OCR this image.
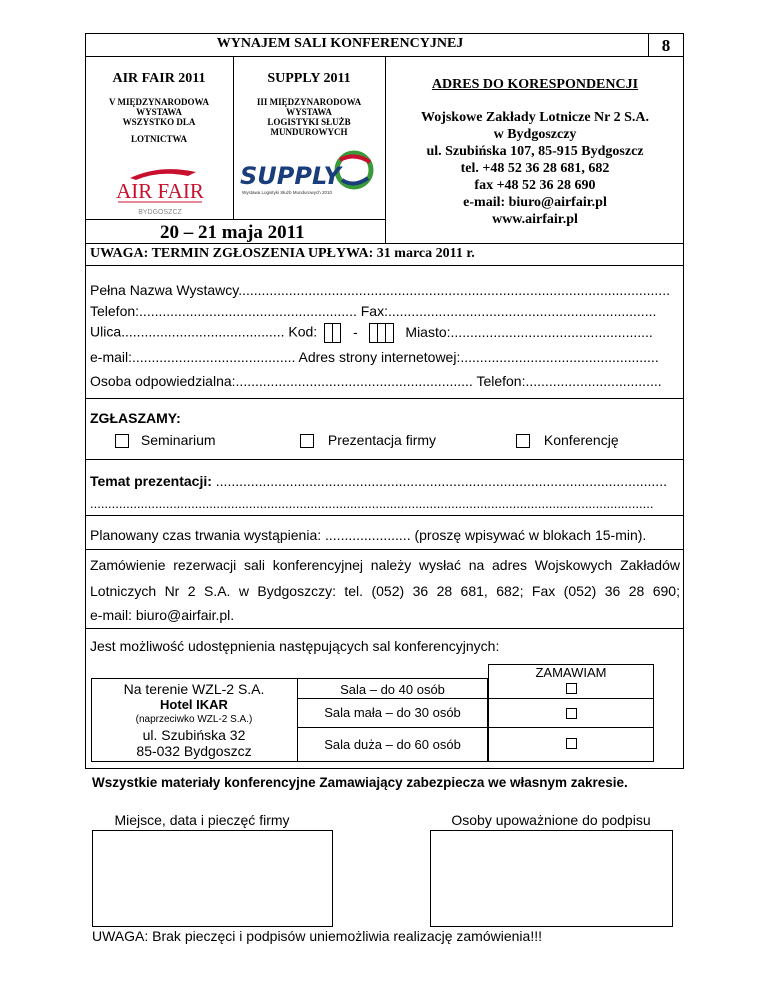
WYNAJEM SALI KONFERENCYJNEJ	8
AIR FAIR 2011
V MIĘDZYNARODOWA
WYSTAWA
WSZYSTKO DLA
LOTNICTWA
AIR FAIR
BYDGOSZCZ
SUPPLY 2011
III MIĘDZYNARODOWA
WYSTAWA
LOGISTYKI SŁUŻB
MUNDUROWYCH
SUPPLY
Wystawa Logistyki Służb Mundurowych 2010
ADRES DO KORESPONDENCJI
Wojskowe Zakłady Lotnicze Nr 2 S.A.
w Bydgoszczy
ul. Szubińska 107, 85-915 Bydgoszcz
tel. +48 52 36 28 681, 682
fax +48 52 36 28 690
e-mail: biuro@airfair.pl
www.airfair.pl
20 – 21 maja 2011
UWAGA: TERMIN ZGŁOSZENIA UPŁYWA: 31 marca 2011 r.
Pełna Nazwa Wystawcy...............................................................................................................
Telefon:........................................................ Fax:.....................................................................
Ulica.......................................... Kod:	-	Miasto:....................................................
e-mail:.......................................... Adres strony internetowej:...................................................
Osoba odpowiedzialna:............................................................. Telefon:...................................
ZGŁASZAMY:
Seminarium	Prezentacja firmy	Konferencję
Temat prezentacji: ....................................................................................................................
............................................................................................................................................................
Planowany czas trwania wystąpienia: ...................... (proszę wpisywać w blokach 15-min).
Zamówienie rezerwacji sali konferencyjnej należy wysłać na adres Wojskowych Zakładów
Lotniczych Nr 2 S.A. w Bydgoszczy: tel. (052) 36 28 681, 682; Fax (052) 36 28 690;
e-mail: biuro@airfair.pl.
Jest możliwość udostępnienia następujących sal konferencyjnych:
ZAMAWIAM
Na terenie WZL-2 S.A.
Hotel IKAR
(naprzeciwko WZL-2 S.A.)
ul. Szubińska 32
85-032 Bydgoszcz
Sala – do 40 osób
Sala mała – do 30 osób
Sala duża – do 60 osób
Wszystkie materiały konferencyjne Zamawiający zabezpiecza we własnym zakresie.
Miejsce, data i pieczęć firmy	Osoby upoważnione do podpisu
UWAGA: Brak pieczęci i podpisów uniemożliwia realizację zamówienia!!!
